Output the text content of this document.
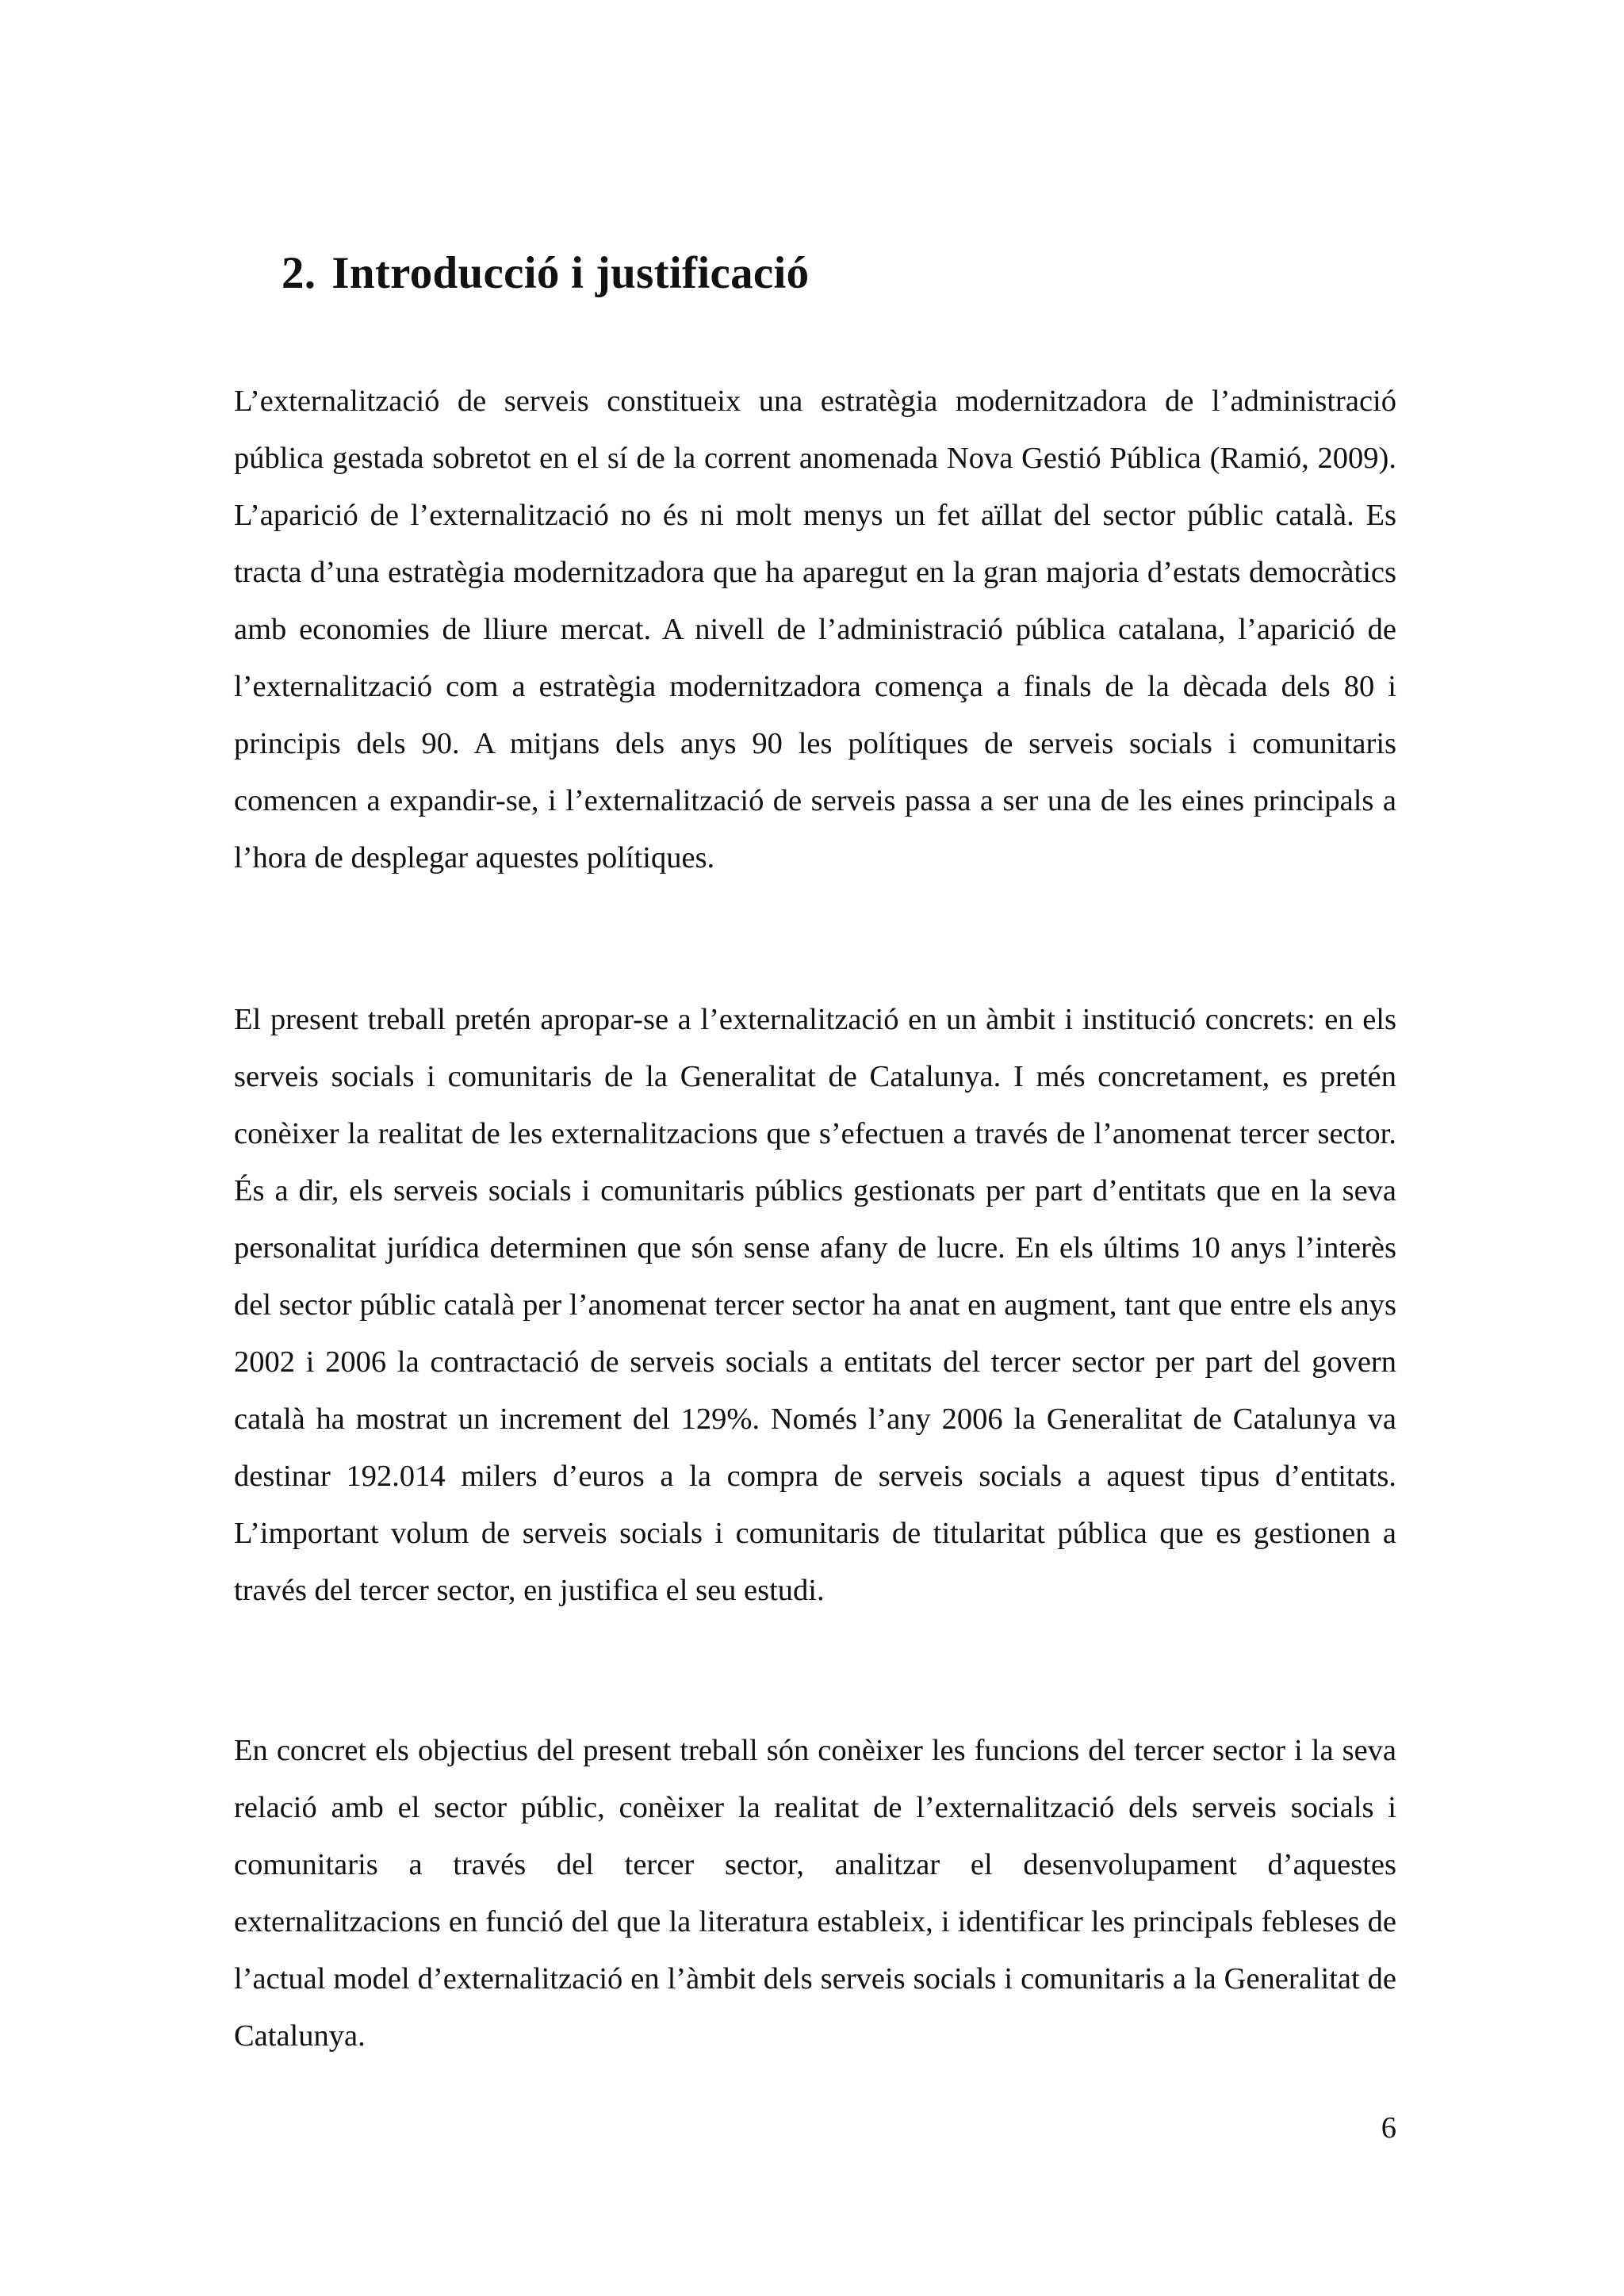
2. Introducció i justificació

L’externalització de serveis constitueix una estratègia modernitzadora de l’administració pública gestada sobretot en el sí de la corrent anomenada Nova Gestió Pública (Ramió, 2009). L’aparició de l’externalització no és ni molt menys un fet aïllat del sector públic català. Es tracta d’una estratègia modernitzadora que ha aparegut en la gran majoria d’estats democràtics amb economies de lliure mercat. A nivell de l’administració pública catalana, l’aparició de l’externalització com a estratègia modernitzadora comença a finals de la dècada dels 80 i principis dels 90. A mitjans dels anys 90 les polítiques de serveis socials i comunitaris comencen a expandir-se, i l’externalització de serveis passa a ser una de les eines principals a l’hora de desplegar aquestes polítiques.

El present treball pretén apropar-se a l’externalització en un àmbit i institució concrets: en els serveis socials i comunitaris de la Generalitat de Catalunya. I més concretament, es pretén conèixer la realitat de les externalitzacions que s’efectuen a través de l’anomenat tercer sector. És a dir, els serveis socials i comunitaris públics gestionats per part d’entitats que en la seva personalitat jurídica determinen que són sense afany de lucre. En els últims 10 anys l’interès del sector públic català per l’anomenat tercer sector ha anat en augment, tant que entre els anys 2002 i 2006 la contractació de serveis socials a entitats del tercer sector per part del govern català ha mostrat un increment del 129%. Només l’any 2006 la Generalitat de Catalunya va destinar 192.014 milers d’euros a la compra de serveis socials a aquest tipus d’entitats. L’important volum de serveis socials i comunitaris de titularitat pública que es gestionen a través del tercer sector, en justifica el seu estudi.

En concret els objectius del present treball són conèixer les funcions del tercer sector i la seva relació amb el sector públic, conèixer la realitat de l’externalització dels serveis socials i comunitaris a través del tercer sector, analitzar el desenvolupament d’aquestes externalitzacions en funció del que la literatura estableix, i identificar les principals febleses de l’actual model d’externalització en l’àmbit dels serveis socials i comunitaris a la Generalitat de Catalunya.

6
